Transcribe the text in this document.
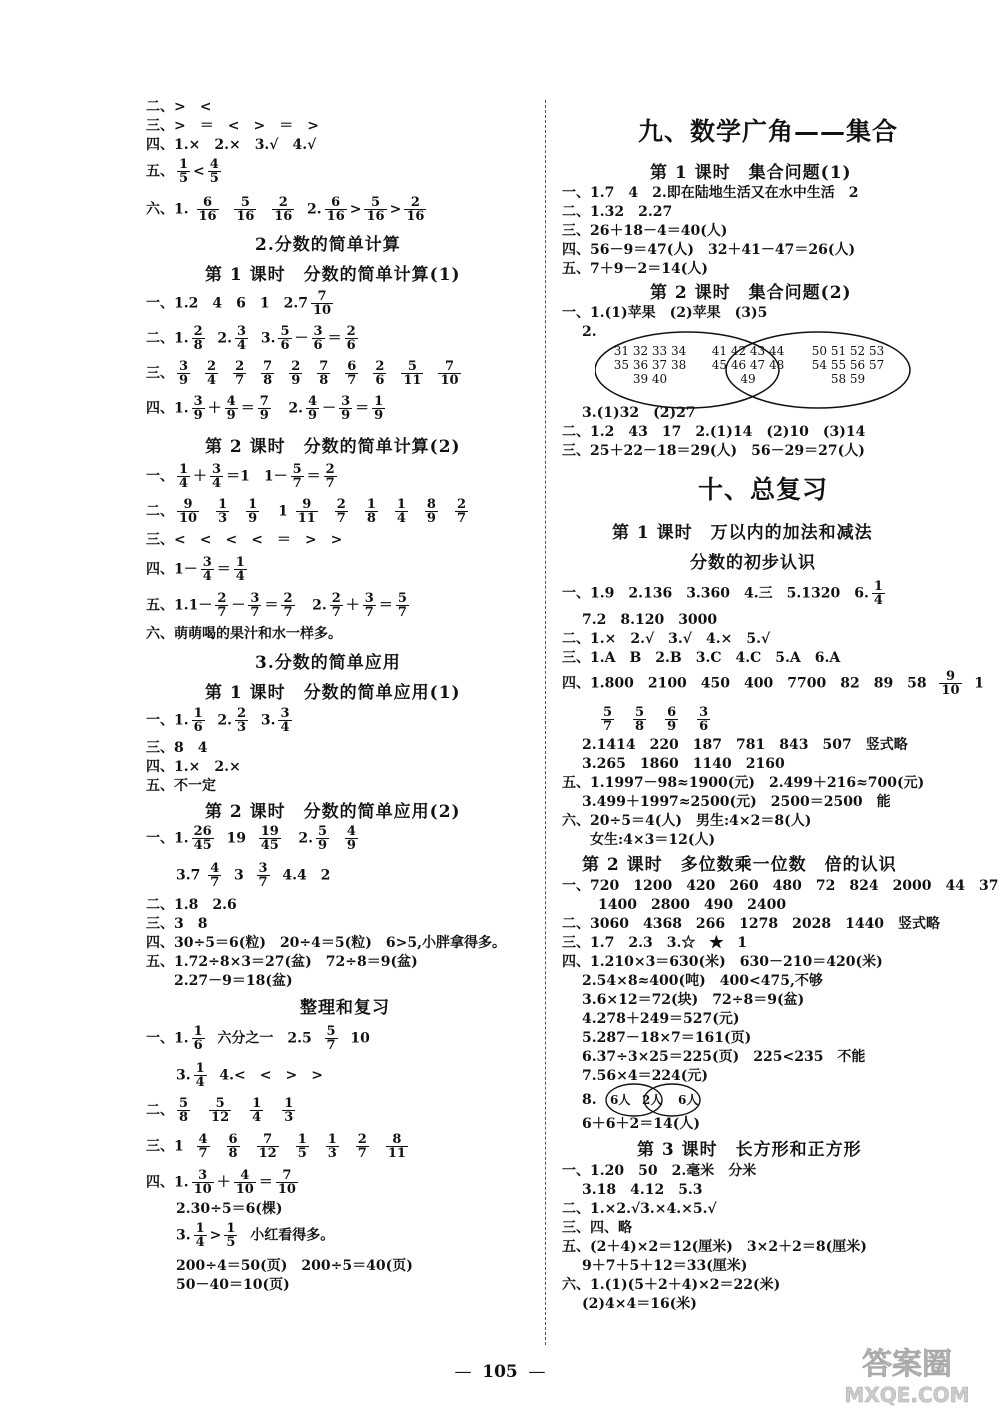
二、>　<
三、>　＝　<　>　＝　>
四、1.×　2.×　3.√　4.√
五、 $\frac{1}{5} < \frac{4}{5}$
六、1. $\frac{6}{16}$
$\frac{5}{16}$
$\frac{2}{16} 2$. $\frac{6}{16} > \frac{5}{16} > \frac{2}{16}$
2.分数的简单计算
第 1 课时　分数的简单计算(1)
一、1.2　4　6　1　$2.7 \frac{7}{10}$
二、1. $\frac{2}{8} 2$. $\frac{3}{4} 3$. $\frac{5}{6} - \frac{3}{6} = \frac{2}{6}$
三、 $\frac{3}{9} \frac{2}{4} \frac{2}{7} \frac{7}{8} \frac{2}{9} \frac{7}{8} \frac{6}{7} \frac{2}{6} \frac{5}{11} \frac{7}{10}$
四、1. $\frac{3}{9} + \frac{4}{9} = \frac{7}{9} 2$. $\frac{4}{9} - \frac{3}{9} = \frac{1}{9}$
第 2 课时　分数的简单计算(2)
一、 $\frac{1}{4} + \frac{3}{4} =1$　$1- \frac{5}{7} = \frac{2}{7}$
二、 $\frac{9}{10} \frac{1}{3} \frac{1}{9} 1 \frac{9}{11} \frac{2}{7} \frac{1}{8} \frac{1}{4} \frac{8}{9} \frac{2}{7}$
三、<　<　<　<　＝　>　>
四、$1- \frac{3}{4} = \frac{1}{4}$
五、$1.1- \frac{2}{7} - \frac{3}{7} = \frac{2}{7} 2$. $\frac{2}{7} + \frac{3}{7} = \frac{5}{7}$
六、萌萌喝的果汁和水一样多。
3.分数的简单应用
第 1 课时　分数的简单应用(1)
一、1. $\frac{1}{6} 2$. $\frac{2}{3} 3$. $\frac{3}{4}$
三、8　4
四、1.×　2.×
五、不一定
第 2 课时　分数的简单应用(2)
一、1. $\frac{26}{45} 19 \frac{19}{45} 2$. $\frac{5}{9}$
$\frac{4}{9}$
$3.7 \frac{4}{7} 3 \frac{3}{7} 4.4$　2
二、1.8　2.6
三、3　8
四、30÷5＝6(粒)　20÷4＝5(粒)　6>5,小胖拿得多。
五、1.72÷8×3＝27(盆)　72÷8＝9(盆)
　　2.27－9＝18(盆)
整理和复习
一、1. $\frac{1}{6}$ 六分之一　$2.5 \frac{5}{7} 10$
3. $\frac{1}{4} 4.<$　<　>　>
二、 $\frac{5}{8} \frac{5}{12} \frac{1}{4} \frac{1}{3}$
三、$1 \frac{4}{7} \frac{6}{8} \frac{7}{12} \frac{1}{5} \frac{1}{3} \frac{2}{7} \frac{8}{11}$
四、1. $\frac{3}{10} + \frac{4}{10} = \frac{7}{10}$
2.30÷5＝6(棵)
3. $\frac{1}{4} > \frac{1}{5}$ 小红看得多。
200÷4＝50(页)　200÷5＝40(页)
50－40＝10(页)
九、数学广角——集合
第 1 课时　集合问题(1)
一、1.7　4　2.即在陆地生活又在水中生活　2
二、1.32　2.27
三、26＋18－4＝40(人)
四、56－9＝47(人)　32＋41－47＝26(人)
五、7＋9－2＝14(人)
第 2 课时　集合问题(2)
一、1.(1)苹果　(2)苹果　(3)5
2.
31 32 33 34
35 36 37 38
39 40
41 42 43 44
45 46 47 48
49
50 51 52 53
54 55 56 57
58 59
3.(1)32　(2)27
二、1.2　43　17　2.(1)14　(2)10　(3)14
三、25＋22－18＝29(人)　56－29＝27(人)
十、总复习
第 1 课时　万以内的加法和减法
分数的初步认识
一、1.9　2.136　3.360　4.三　5.1320　6. $\frac{1}{4}$
7.2　8.120　3000
二、1.×　2.√　3.√　4.×　5.√
三、1.A　B　2.B　3.C　4.C　5.A　6.A
四、1.800　2100　450　400　7700　82　89　$58 \frac{9}{10} 1$
$\frac{5}{7} \frac{5}{8} \frac{6}{9} \frac{3}{6}$
2.1414　220　187　781　843　507　竖式略
3.265　1860　1140　2160
五、1.1997－98≈1900(元)　2.499＋216≈700(元)
3.499＋1997≈2500(元)　2500＝2500　能
六、20÷5＝4(人)　男生:4×2＝8(人)
　　女生:4×3＝12(人)
第 2 课时　多位数乘一位数　倍的认识
一、720　1200　420　260　480　72　824　2000　44　37
1400　2800　490　2400
二、3060　4368　266　1278　2028　1440　竖式略
三、1.7　2.3　3.☆　★　1
四、1.210×3＝630(米)　630－210＝420(米)
2.54×8≈400(吨)　400<475,不够
3.6×12＝72(块)　72÷8＝9(盆)
4.278＋249＝527(元)
5.287－18×7＝161(页)
6.37÷3×25＝225(页)　225<235　不能
7.56×4＝224(元)
8. 6人 2人 6人
6＋6＋2＝14(人)
第 3 课时　长方形和正方形
一、1.20　50　2.毫米　分米
3.18　4.12　5.3
二、1.×2.√3.×4.×5.√
三、四、略
五、(2＋4)×2＝12(厘米)　3×2＋2＝8(厘米)
9＋7＋5＋12＝33(厘米)
六、1.(1)(5＋2＋4)×2＝22(米)
(2)4×4＝16(米)
—  105  —	答案圈
MXQE.COM
